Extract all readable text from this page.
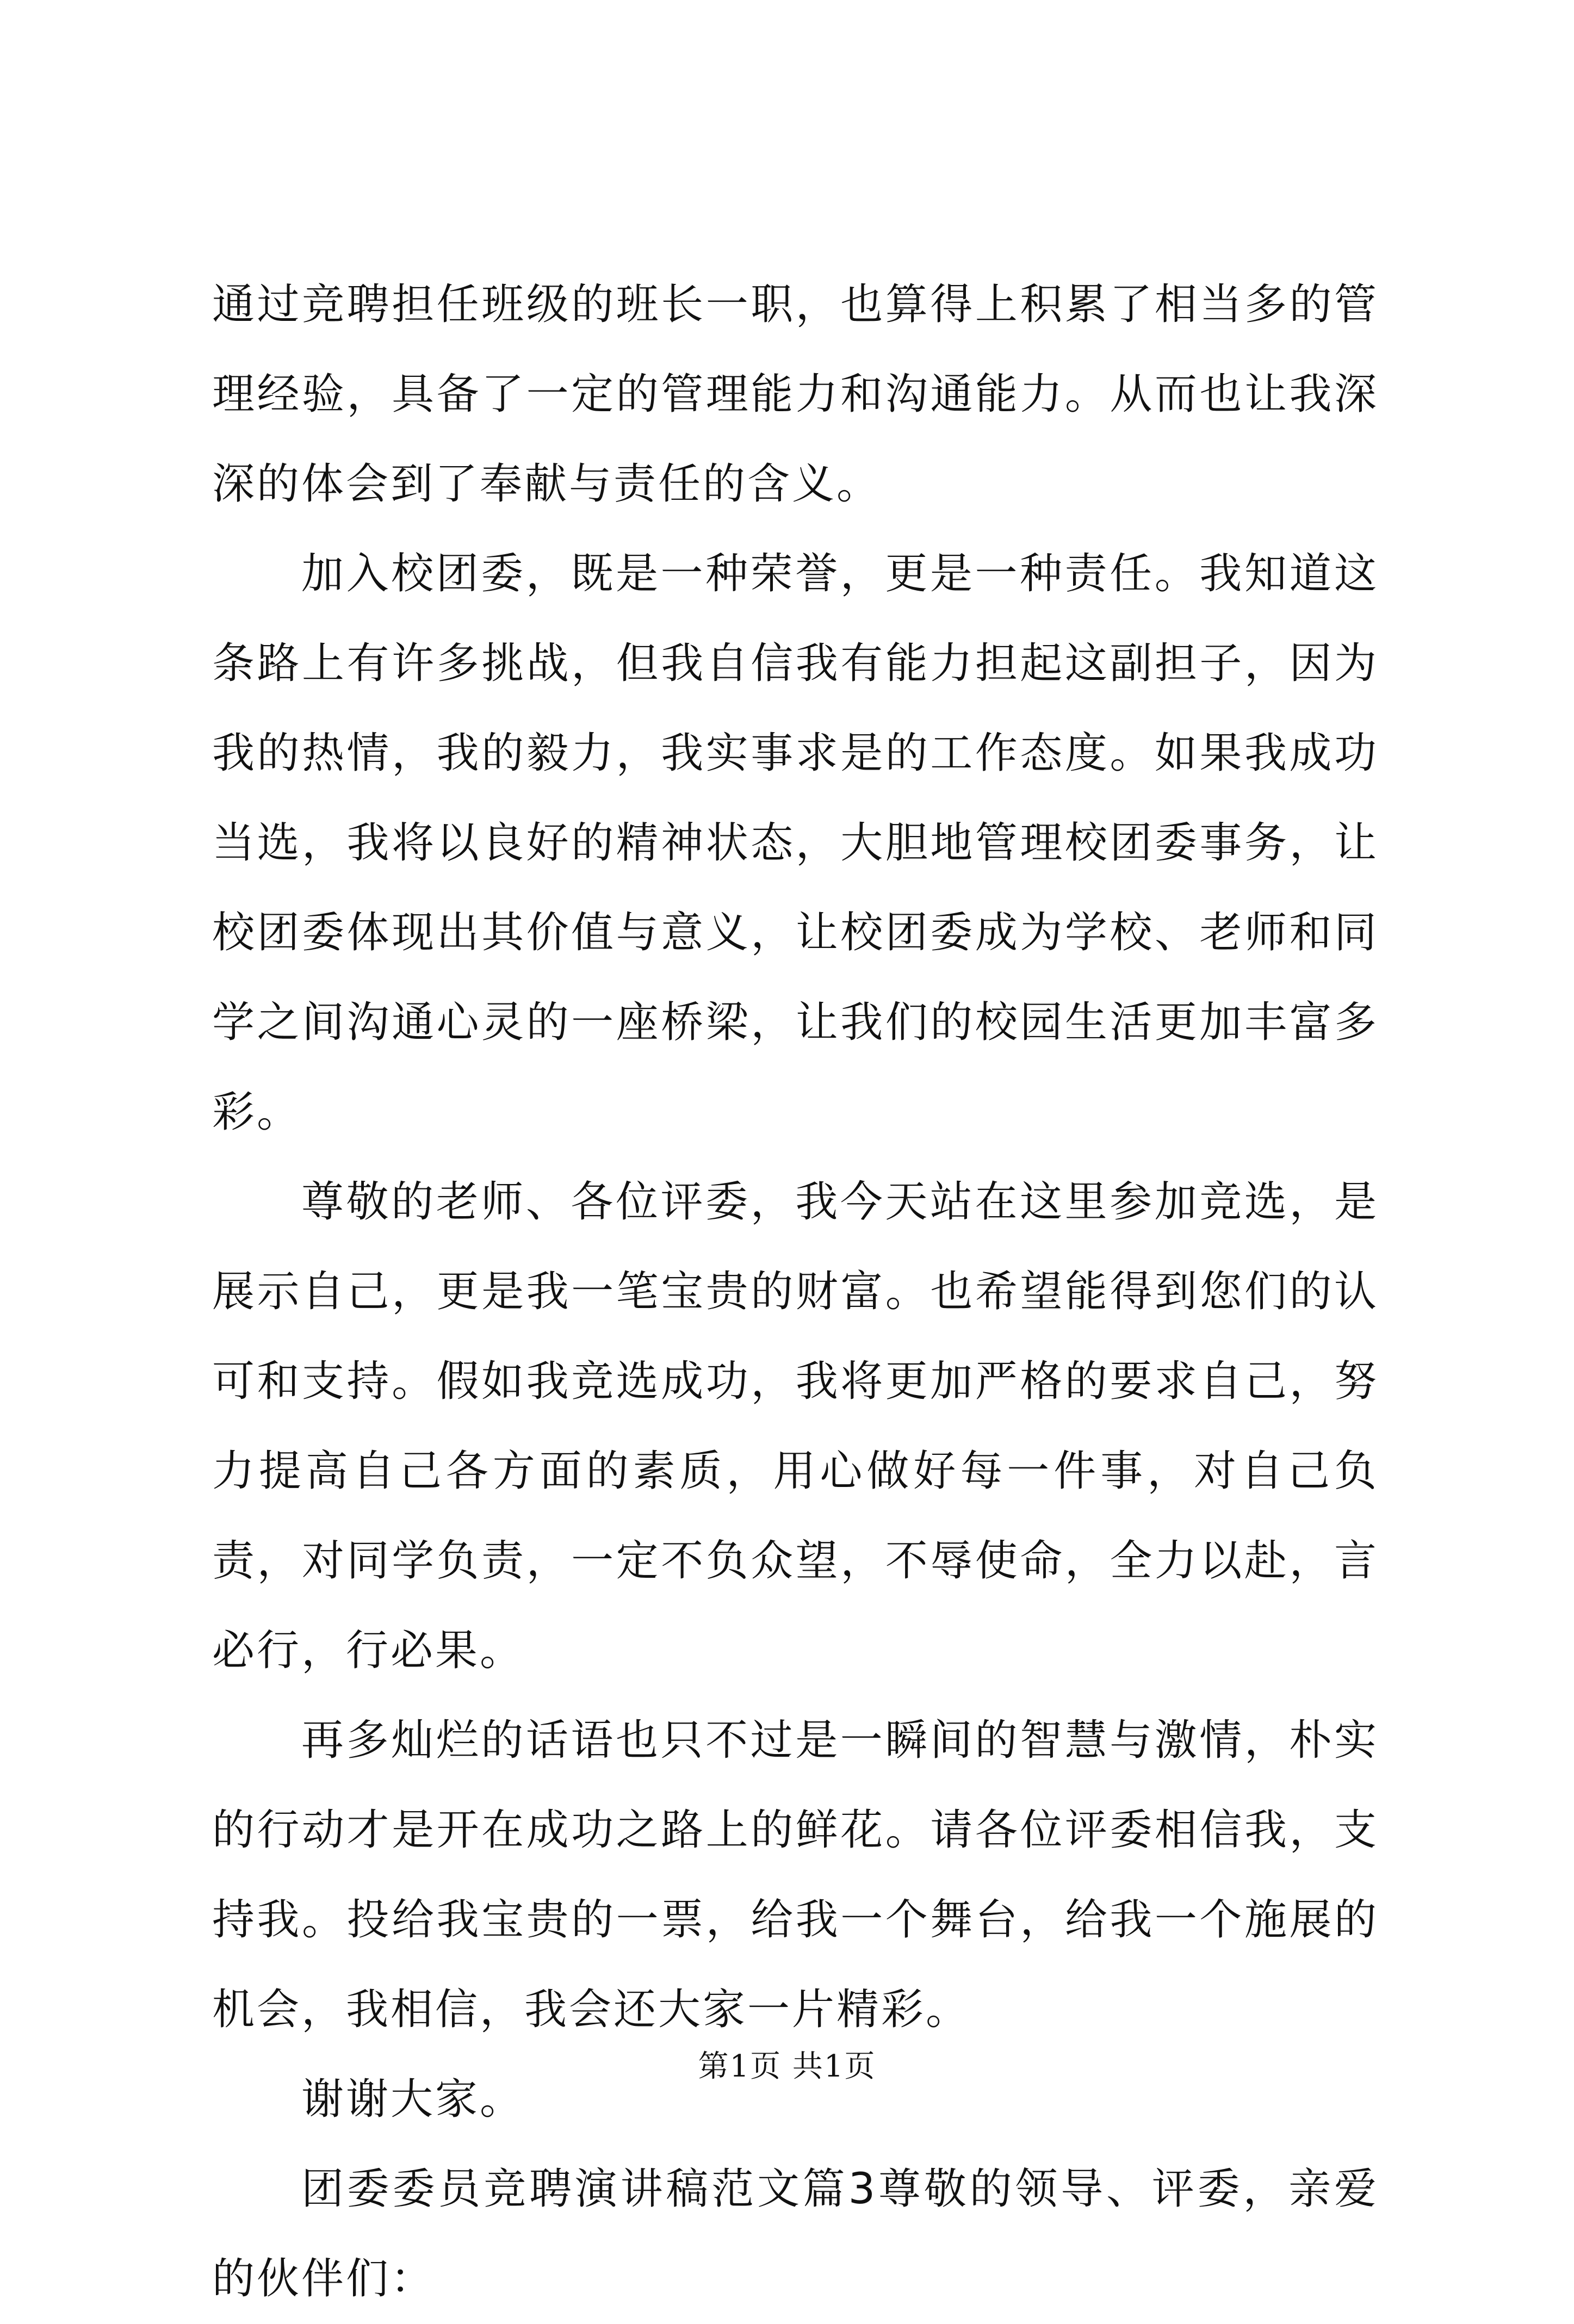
通过竞聘担任班级的班长一职，也算得上积累了相当多的管理经验，具备了一定的管理能力和沟通能力。从而也让我深深的体会到了奉献与责任的含义。

加入校团委，既是一种荣誉，更是一种责任。我知道这条路上有许多挑战，但我自信我有能力担起这副担子，因为我的热情，我的毅力，我实事求是的工作态度。如果我成功当选，我将以良好的精神状态，大胆地管理校团委事务，让校团委体现出其价值与意义，让校团委成为学校、老师和同学之间沟通心灵的一座桥梁，让我们的校园生活更加丰富多彩。

尊敬的老师、各位评委，我今天站在这里参加竞选，是展示自己，更是我一笔宝贵的财富。也希望能得到您们的认可和支持。假如我竞选成功，我将更加严格的要求自己，努力提高自己各方面的素质，用心做好每一件事，对自己负责，对同学负责，一定不负众望，不辱使命，全力以赴，言必行，行必果。

再多灿烂的话语也只不过是一瞬间的智慧与激情，朴实的行动才是开在成功之路上的鲜花。请各位评委相信我，支持我。投给我宝贵的一票，给我一个舞台，给我一个施展的机会，我相信，我会还大家一片精彩。

谢谢大家。

团委委员竞聘演讲稿范文篇3尊敬的领导、评委，亲爱的伙伴们：

第1页 共1页
